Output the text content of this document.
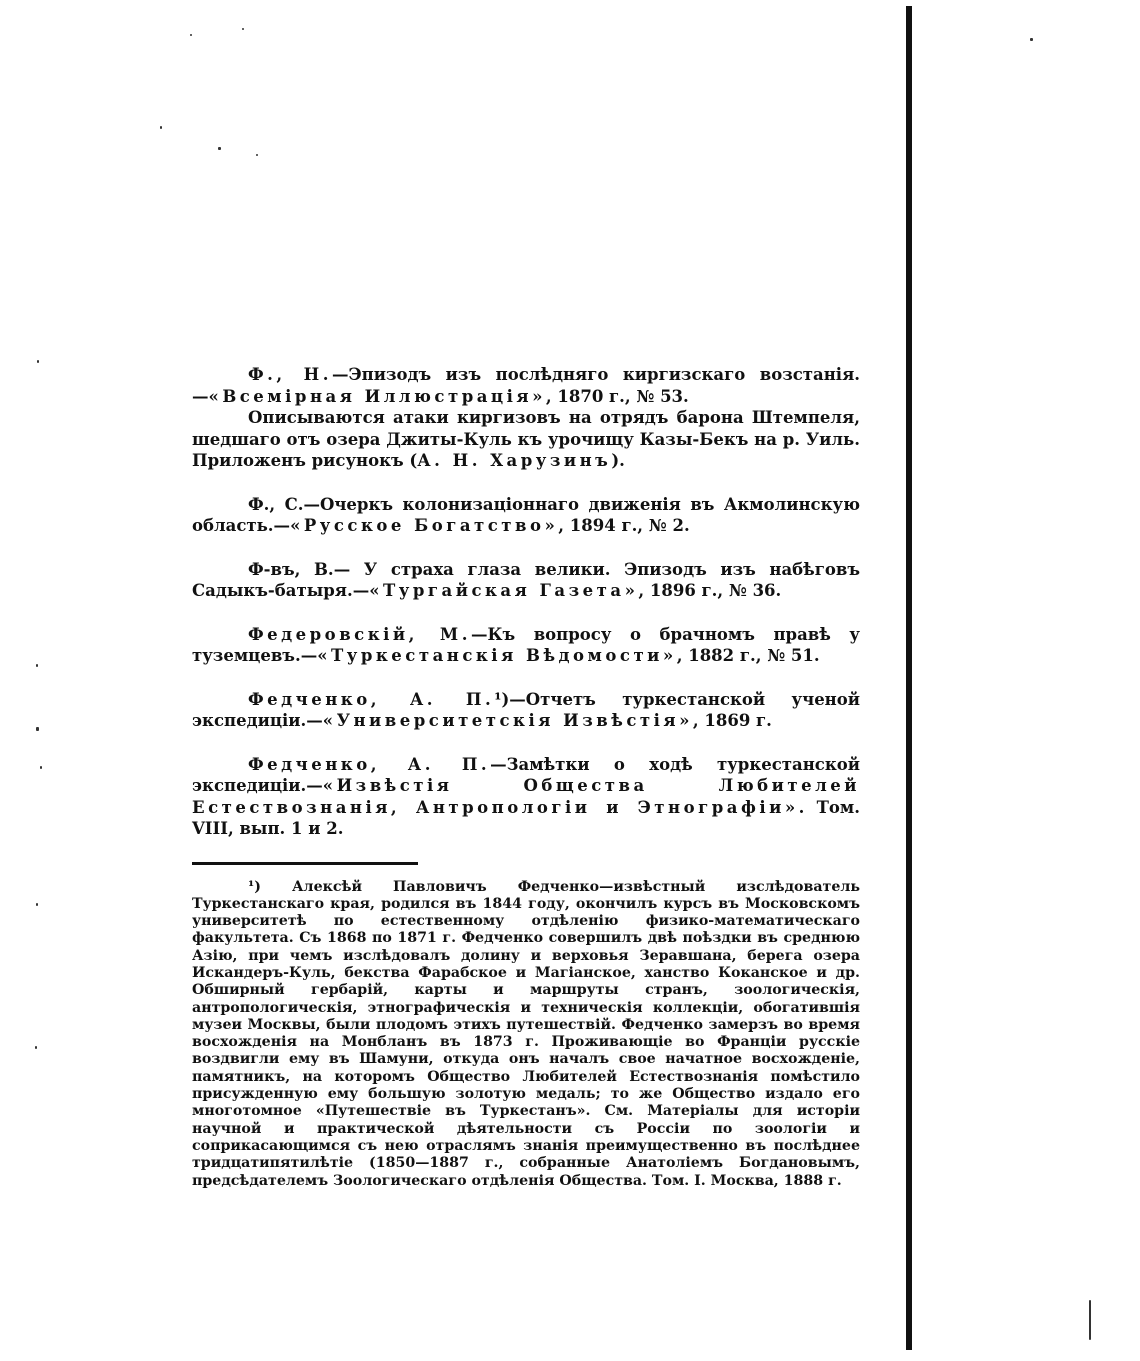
Ф., Н.—Эпизодъ изъ послѣдняго киргизскаго возстанія.—«Всемірная Иллюстрація», 1870 г., № 53.
Описываются атаки киргизовъ на отрядъ барона Штемпеля, шедшаго отъ озера Джиты-Куль къ урочищу Казы-Бекъ на р. Уиль. Приложенъ рисунокъ (А. Н. Харузинъ).

Ф., С.—Очеркъ колонизаціоннаго движенія въ Акмолинскую область.—«Русское Богатство», 1894 г., № 2.

Ф-въ, В.— У страха глаза велики. Эпизодъ изъ набѣговъ Садыкъ-батыря.—«Тургайская Газета», 1896 г., № 36.

Федеровскій, М.—Къ вопросу о брачномъ правѣ у туземцевъ.—«Туркестанскія Вѣдомости», 1882 г., № 51.

Федченко, А. П.¹)—Отчетъ туркестанской ученой экспедиціи.—«Университетскія Извѣстія», 1869 г.

Федченко, А. П.—Замѣтки о ходѣ туркестанской экспедиціи.—«Извѣстія Общества Любителей Естествознанія, Антропологіи и Этнографіи». Том. VIII, вып. 1 и 2.

¹) Алексѣй Павловичъ Федченко—извѣстный изслѣдователь Туркестанскаго края, родился въ 1844 году, окончилъ курсъ въ Московскомъ университетѣ по естественному отдѣленію физико-математическаго факультета. Съ 1868 по 1871 г. Федченко совершилъ двѣ поѣздки въ среднюю Азію, при чемъ изслѣдовалъ долину и верховья Зеравшана, берега озера Искандеръ-Куль, бекства Фарабское и Магіанское, ханство Коканское и др. Обширный гербарій, карты и маршруты странъ, зоологическія, антропологическія, этнографическія и техническія коллекціи, обогатившія музеи Москвы, были плодомъ этихъ путешествій. Федченко замерзъ во время восхожденія на Монбланъ въ 1873 г. Проживающіе во Франціи русскіе воздвигли ему въ Шамуни, откуда онъ началъ свое начатное восхожденіе, памятникъ, на которомъ Общество Любителей Естествознанія помѣстило присужденную ему большую золотую медаль; то же Общество издало его многотомное «Путешествіе въ Туркестанъ». См. Матеріалы для исторіи научной и практической дѣятельности съ Россіи по зоологіи и соприкасающимся съ нею отраслямъ знанія преимущественно въ послѣднее тридцатипятилѣтіе (1850—1887 г., собранные Анатоліемъ Богдановымъ, предсѣдателемъ Зоологическаго отдѣленія Общества. Том. I. Москва, 1888 г.
